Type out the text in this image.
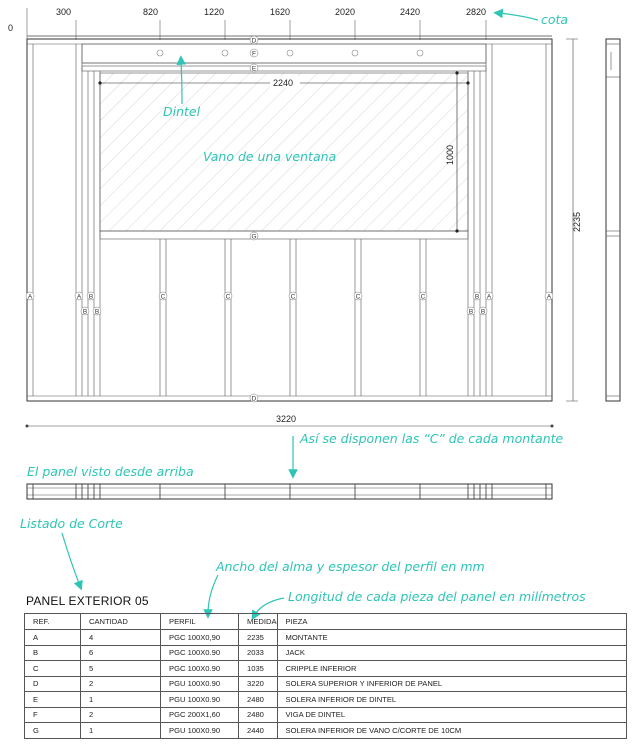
0
300	820	1220	1620	2020	2420	2820
2240
1000
D
F
E
G
D
A	A	A	A
B
B B
B
B B
C	C	C	C	C
2235
3220
cota
Dintel
Vano de una ventana
Así se disponen las “C” de cada montante
El panel visto desde arriba
Listado de Corte
Ancho del alma y espesor del perfil en mm
Longitud de cada pieza del panel en milímetros
PANEL EXTERIOR 05
REF.	CANTIDAD	PERFIL	MEDIDA	PIEZA
A	4	PGC 100X0,90	2235	MONTANTE
B	6	PGC 100X0.90	2033	JACK
C	5	PGC 100X0.90	1035	CRIPPLE INFERIOR
D	2	PGU 100X0.90	3220	SOLERA SUPERIOR Y INFERIOR DE PANEL
E	1	PGU 100X0.90	2480	SOLERA INFERIOR DE DINTEL
F	2	PGC 200X1,60	2480	VIGA DE DINTEL
G	1	PGU 100X0.90	2440	SOLERA INFERIOR DE VANO C/CORTE DE 10CM
